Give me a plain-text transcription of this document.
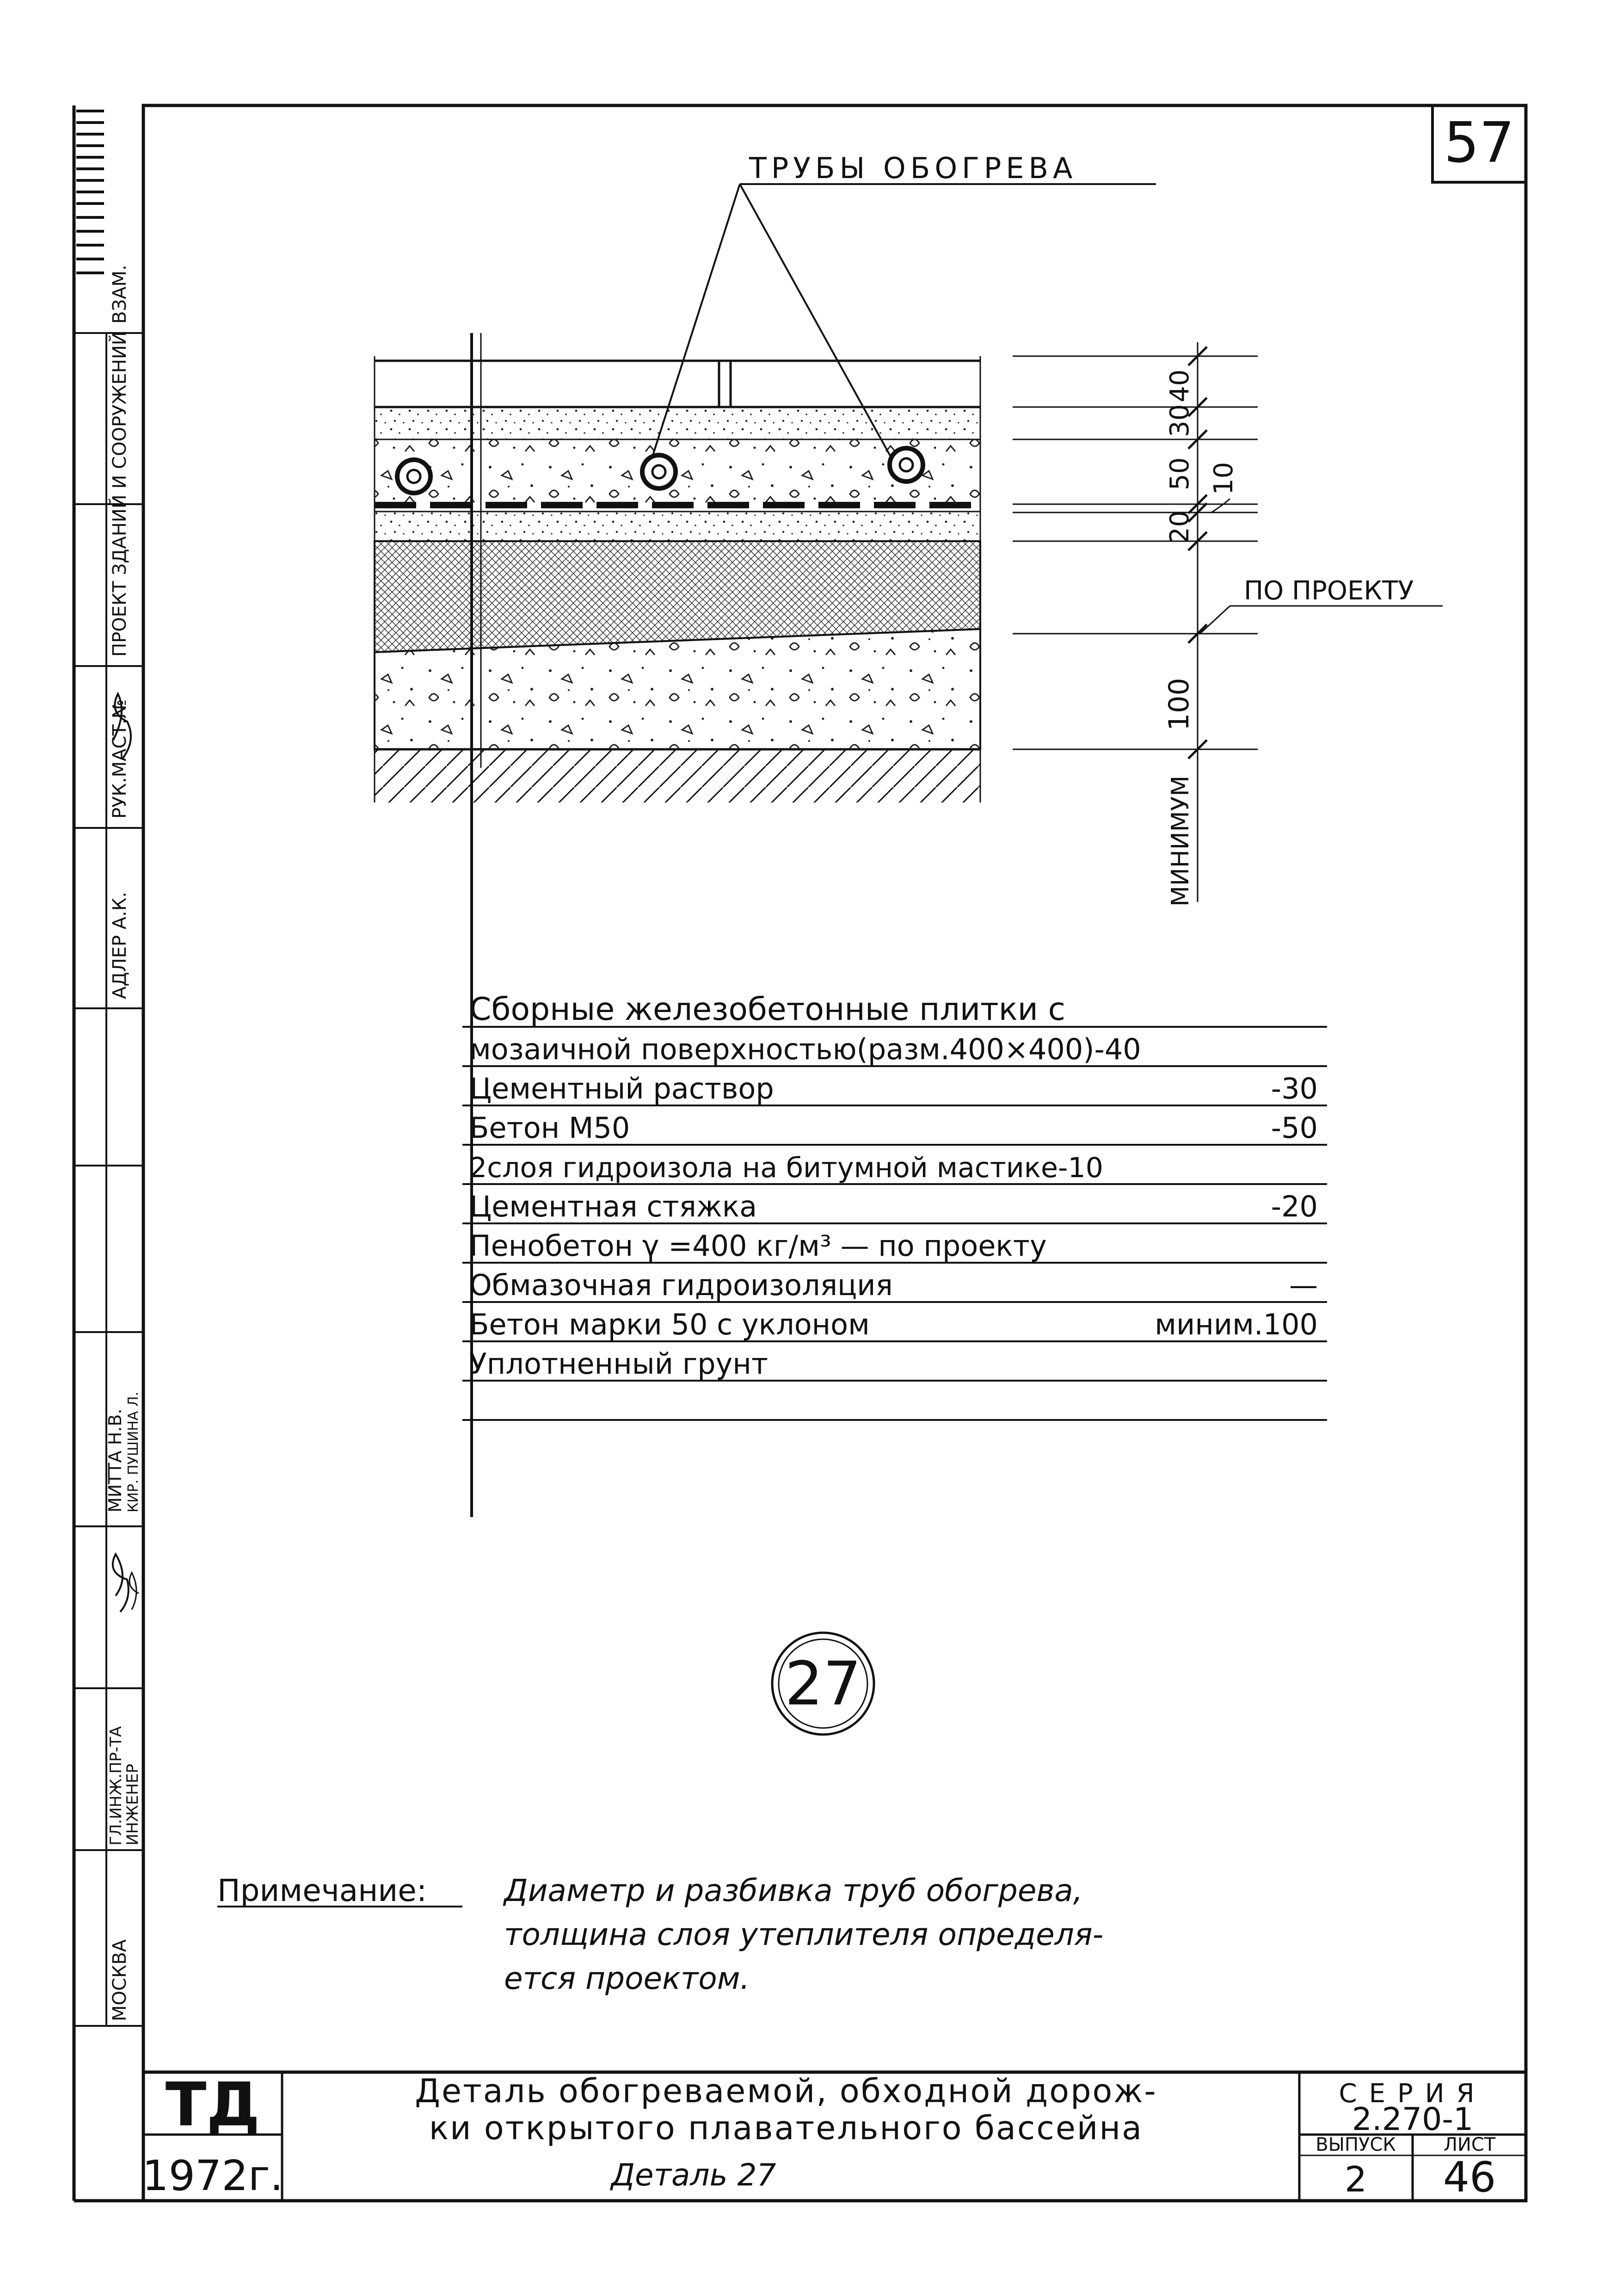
57
ВЗАМ.
ПРОЕКТ ЗДАНИЙ И СООРУЖЕНИЙ
РУК.МАСТ.№
АДЛЕР А.К.
МИТТА Н.В. КИР. ПУШИНА Л.
ГЛ.ИНЖ.ПР-ТА
ИНЖЕНЕР
МОСКВА
ТРУБЫ ОБОГРЕВА
40
30
50 10
20
100
МИНИМУМ
ПО ПРОЕКТУ
Сборные железобетонные плитки с
мозаичной поверхностью(разм.400×400)-40
Цементный раствор	-30
Бетон М50	-50
2слоя гидроизола на битумной мастике-10
Цементная стяжка	-20
Пенобетон γ =400 кг/м³ — по проекту
Обмазочная гидроизоляция	—
Бетон марки 50 с уклоном	миним.100
Уплотненный грунт
27
Примечание:	Диаметр и разбивка труб обогрева,
толщина слоя утеплителя определя-
ется проектом.
ТД
1972г.
Деталь обогреваемой, обходной дорож-
ки открытого плавательного бассейна
Деталь 27
СЕРИЯ
2.270-1
ВЫПУСК
2
ЛИСТ
46
